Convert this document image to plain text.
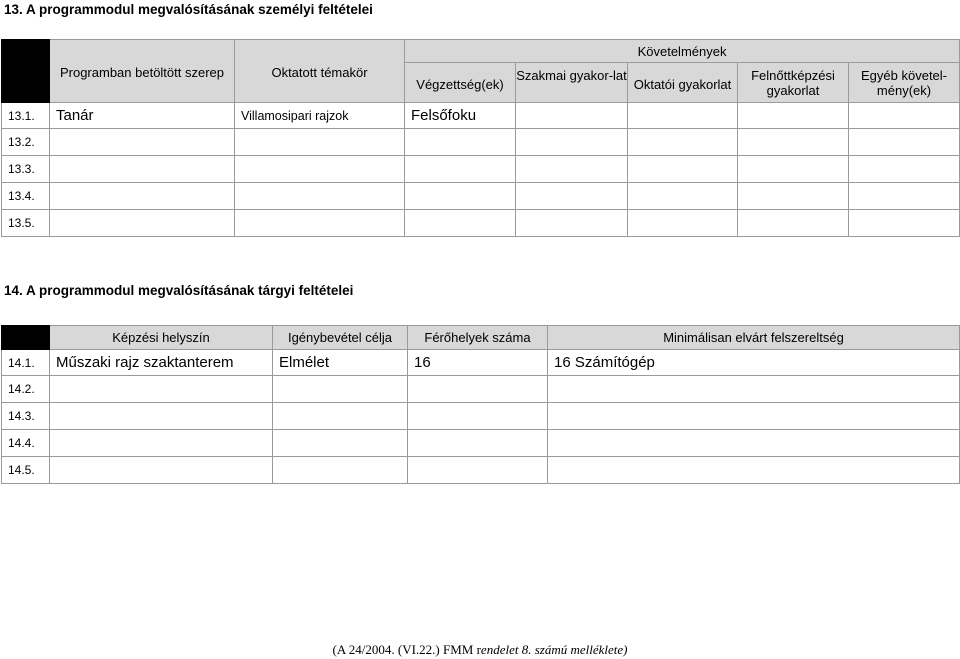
13. A programmodul megvalósításának személyi feltételei
	Programban betöltött szerep	Oktatott témakör	Követelmények				
			Végzettség(ek)	Szakmai gyakor-lat	Oktatói gyakorlat	Felnőttképzési gyakorlat	Egyéb követel-mény(ek)
13.1.	Tanár	Villamosipari rajzok	Felsőfoku				
13.2.							
13.3.							
13.4.							
13.5.							
14. A programmodul megvalósításának tárgyi feltételei
	Képzési helyszín	Igénybevétel célja	Férőhelyek száma	Minimálisan elvárt felszereltség
14.1.	Műszaki rajz szaktanterem	Elmélet	16	16 Számítógép
14.2.				
14.3.				
14.4.				
14.5.				
(A 24/2004. (VI.22.) FMM rendelet 8. számú melléklete)
